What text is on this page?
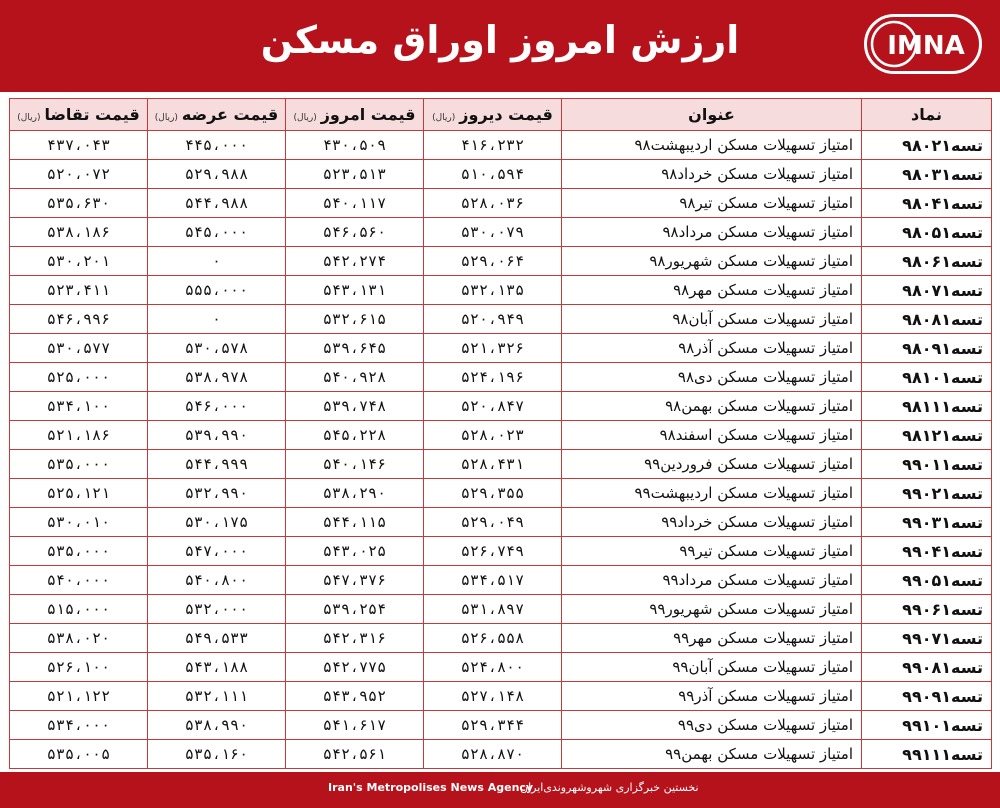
ارزش امروز اوراق مسکن	IMNA
نماد	عنوان	قیمت دیروز(ریال)	قیمت امروز(ریال)	قیمت عرضه(ریال)	قیمت تقاضا(ریال)
تسه۹۸۰۲۱	امتیاز تسهیلات مسکن اردیبهشت۹۸	۴۱۶،۲۳۲	۴۳۰،۵۰۹	۴۴۵،۰۰۰	۴۳۷،۰۴۳
تسه۹۸۰۳۱	امتیاز تسهیلات مسکن خرداد۹۸	۵۱۰،۵۹۴	۵۲۳،۵۱۳	۵۲۹،۹۸۸	۵۲۰،۰۷۲
تسه۹۸۰۴۱	امتیاز تسهیلات مسکن تیر۹۸	۵۲۸،۰۳۶	۵۴۰،۱۱۷	۵۴۴،۹۸۸	۵۳۵،۶۳۰
تسه۹۸۰۵۱	امتیاز تسهیلات مسکن مرداد۹۸	۵۳۰،۰۷۹	۵۴۶،۵۶۰	۵۴۵،۰۰۰	۵۳۸،۱۸۶
تسه۹۸۰۶۱	امتیاز تسهیلات مسکن شهریور۹۸	۵۲۹،۰۶۴	۵۴۲،۲۷۴	۰	۵۳۰،۲۰۱
تسه۹۸۰۷۱	امتیاز تسهیلات مسکن مهر۹۸	۵۳۲،۱۳۵	۵۴۳،۱۳۱	۵۵۵،۰۰۰	۵۲۳،۴۱۱
تسه۹۸۰۸۱	امتیاز تسهیلات مسکن آبان۹۸	۵۲۰،۹۴۹	۵۳۲،۶۱۵	۰	۵۴۶،۹۹۶
تسه۹۸۰۹۱	امتیاز تسهیلات مسکن آذر۹۸	۵۲۱،۳۲۶	۵۳۹،۶۴۵	۵۳۰،۵۷۸	۵۳۰،۵۷۷
تسه۹۸۱۰۱	امتیاز تسهیلات مسکن دی۹۸	۵۲۴،۱۹۶	۵۴۰،۹۲۸	۵۳۸،۹۷۸	۵۲۵،۰۰۰
تسه۹۸۱۱۱	امتیاز تسهیلات مسکن بهمن۹۸	۵۲۰،۸۴۷	۵۳۹،۷۴۸	۵۴۶،۰۰۰	۵۳۴،۱۰۰
تسه۹۸۱۲۱	امتیاز تسهیلات مسکن اسفند۹۸	۵۲۸،۰۲۳	۵۴۵،۲۲۸	۵۳۹،۹۹۰	۵۲۱،۱۸۶
تسه۹۹۰۱۱	امتیاز تسهیلات مسکن فروردین۹۹	۵۲۸،۴۳۱	۵۴۰،۱۴۶	۵۴۴،۹۹۹	۵۳۵،۰۰۰
تسه۹۹۰۲۱	امتیاز تسهیلات مسکن اردیبهشت۹۹	۵۲۹،۳۵۵	۵۳۸،۲۹۰	۵۳۲،۹۹۰	۵۲۵،۱۲۱
تسه۹۹۰۳۱	امتیاز تسهیلات مسکن خرداد۹۹	۵۲۹،۰۴۹	۵۴۴،۱۱۵	۵۳۰،۱۷۵	۵۳۰،۰۱۰
تسه۹۹۰۴۱	امتیاز تسهیلات مسکن تیر۹۹	۵۲۶،۷۴۹	۵۴۳،۰۲۵	۵۴۷،۰۰۰	۵۳۵،۰۰۰
تسه۹۹۰۵۱	امتیاز تسهیلات مسکن مرداد۹۹	۵۳۴،۵۱۷	۵۴۷،۳۷۶	۵۴۰،۸۰۰	۵۴۰،۰۰۰
تسه۹۹۰۶۱	امتیاز تسهیلات مسکن شهریور۹۹	۵۳۱،۸۹۷	۵۳۹،۲۵۴	۵۳۲،۰۰۰	۵۱۵،۰۰۰
تسه۹۹۰۷۱	امتیاز تسهیلات مسکن مهر۹۹	۵۲۶،۵۵۸	۵۴۲،۳۱۶	۵۴۹،۵۳۳	۵۳۸،۰۲۰
تسه۹۹۰۸۱	امتیاز تسهیلات مسکن آبان۹۹	۵۲۴،۸۰۰	۵۴۲،۷۷۵	۵۴۳،۱۸۸	۵۲۶،۱۰۰
تسه۹۹۰۹۱	امتیاز تسهیلات مسکن آذر۹۹	۵۲۷،۱۴۸	۵۴۳،۹۵۲	۵۳۲،۱۱۱	۵۲۱،۱۲۲
تسه۹۹۱۰۱	امتیاز تسهیلات مسکن دی۹۹	۵۲۹،۳۴۴	۵۴۱،۶۱۷	۵۳۸،۹۹۰	۵۳۴،۰۰۰
تسه۹۹۱۱۱	امتیاز تسهیلات مسکن بهمن۹۹	۵۲۸،۸۷۰	۵۴۲،۵۶۱	۵۳۵،۱۶۰	۵۳۵،۰۰۵
Iran's Metropolises News Agency
نخستین خبرگزاری شهروشهروندی‌ایران
